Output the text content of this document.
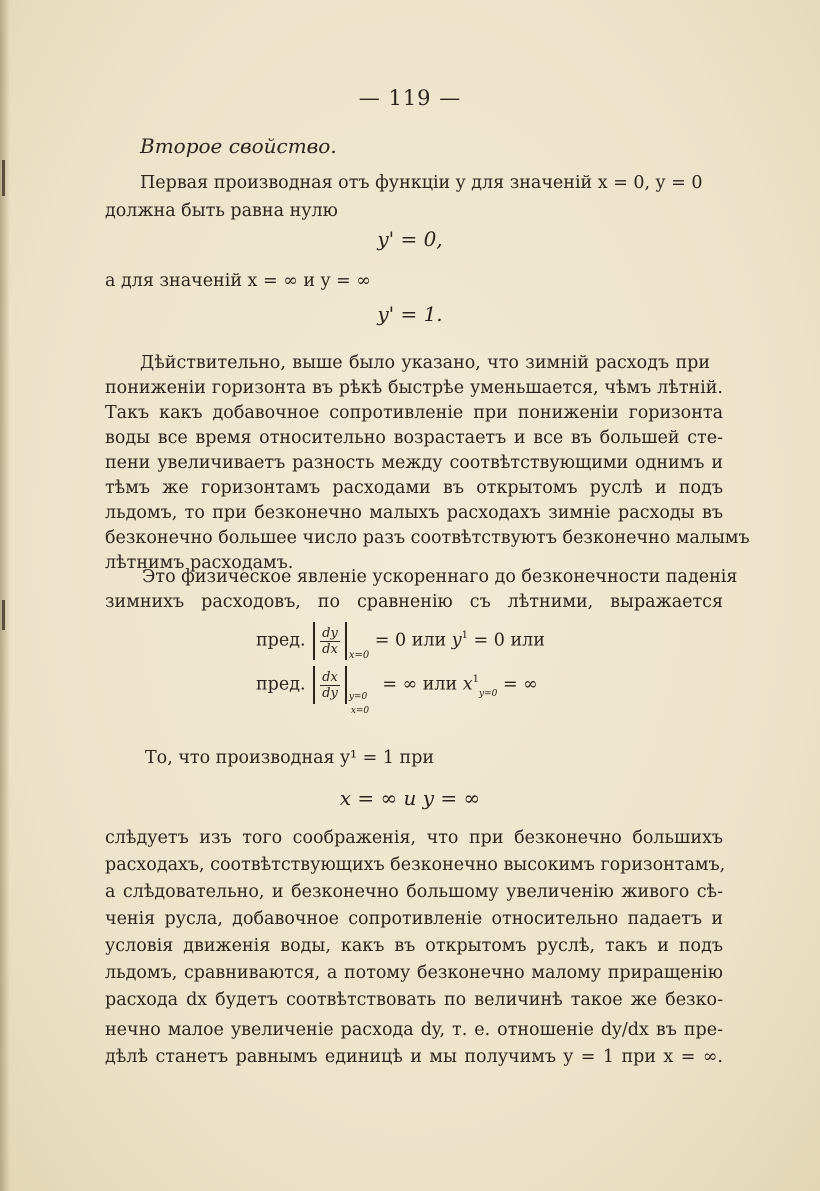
— 119 —
Второе свойство.
Первая производная отъ функціи y для значеній x = 0, y = 0
должна быть равна нулю
y' = 0,
а для значеній x = ∞ и y = ∞
y' = 1.
Дѣйствительно, выше было указано, что зимній расходъ при
пониженіи горизонта въ рѣкѣ быстрѣе уменьшается, чѣмъ лѣтній.
Такъ какъ добавочное сопротивленіе при пониженіи горизонта
воды все время относительно возрастаетъ и все въ большей сте-
пени увеличиваетъ разность между соотвѣтствующими однимъ и
тѣмъ же горизонтамъ расходами въ открытомъ руслѣ и подъ
льдомъ, то при безконечно малыхъ расходахъ зимніе расходы въ
безконечно большее число разъ соотвѣтствуютъ безконечно малымъ
лѣтнимъ расходамъ.
Это физическое явленіе ускореннаго до безконечности паденія
зимнихъ расходовъ, по сравненію съ лѣтними, выражается
пред. $\frac{dy}{dx} _{x=0} = 0$ или $y^1 = 0$ или
пред. $\frac{dx}{dy} y=0$
x=0
= ∞ или $x^1_{y=0}$ = ∞
То, что производная y¹ = 1 при
x = ∞ и y = ∞
слѣдуетъ изъ того соображенія, что при безконечно большихъ
расходахъ, соотвѣтствующихъ безконечно высокимъ горизонтамъ,
а слѣдовательно, и безконечно большому увеличенію живого сѣ-
ченія русла, добавочное сопротивленіе относительно падаетъ и
условія движенія воды, какъ въ открытомъ руслѣ, такъ и подъ
льдомъ, сравниваются, а потому безконечно малому приращенію
расхода dx будетъ соотвѣтствовать по величинѣ такое же безко-
нечно малое увеличеніе расхода dy, т. е. отношеніе dy/dx въ пре-
дѣлѣ станетъ равнымъ единицѣ и мы получимъ y = 1 при x = ∞.
